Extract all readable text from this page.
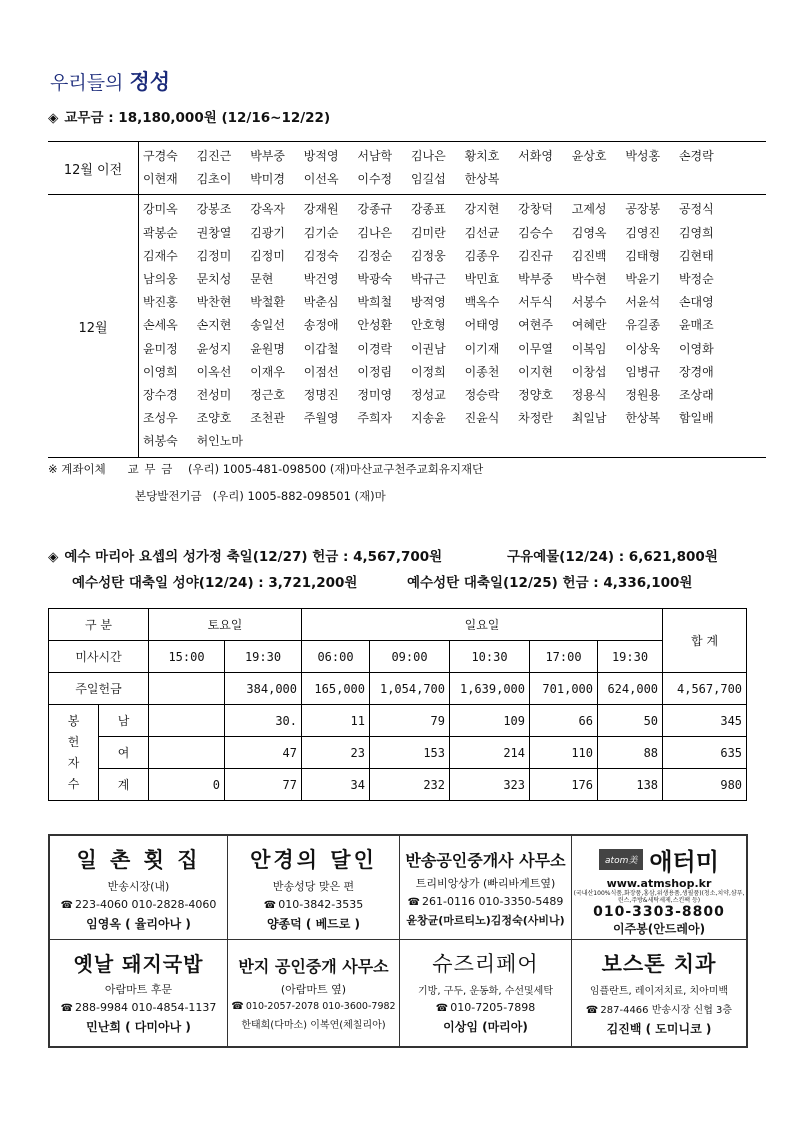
우리들의 정성
◈ 교무금 : 18,180,000원 (12/16~12/22)
12월 이전
구경숙	김진근	박부중	방적영	서남학	김나은	황치호	서화영	윤상호	박성홍	손경락
이현재	김초이	박미경	이선옥	이수정	임길섭	한상복
12월
강미옥	강봉조	강옥자	강재원	강종규	강종표	강지현	강창덕	고제성	공장봉	공정식
곽봉순	권창열	김광기	김기순	김나은	김미란	김선균	김승수	김영옥	김영진	김영희
김재수	김정미	김정미	김정숙	김정순	김정웅	김종우	김진규	김진백	김태형	김현태
남의웅	문치성	문현	박건영	박광숙	박규근	박민효	박부중	박수현	박윤기	박정순
박진홍	박찬현	박철환	박춘심	박희철	방적영	백옥수	서두식	서봉수	서윤석	손대영
손세옥	손지현	송일선	송정애	안성환	안호형	어태영	여현주	여혜란	유길종	윤매조
윤미정	윤성지	윤원명	이갑철	이경락	이권남	이기재	이무열	이복임	이상욱	이영화
이영희	이옥선	이재우	이점선	이정림	이정희	이종천	이지현	이창섭	임병규	장경애
장수경	전성미	정근호	정명진	정미영	정성교	정승락	정양호	정용식	정원용	조상래
조성우	조양호	조천관	주월영	주희자	지송윤	진윤식	차정란	최일남	한상복	함일배
허봉숙	허인노마
※ 계좌이체 교 무 금 (우리) 1005-481-098500 (재)마산교구천주교회유지재단
본당발전기금 (우리) 1005-882-098501 (재)마
◈ 예수 마리아 요셉의 성가정 축일(12/27) 헌금 : 4,567,700원	구유예물(12/24) : 6,621,800원
예수성탄 대축일 성야(12/24) : 3,721,200원	예수성탄 대축일(12/25) 헌금 : 4,336,100원
구 분		토요일		일요일					합 계
미사시간		15:00	19:30	06:00	09:00	10:30	17:00	19:30	
주일헌금			384,000	165,000	1,054,700	1,639,000	701,000	624,000	4,567,700

봉
헌
자
수	남		30.	11	79	109	66	50	345
	여		47	23	153	214	110	88	635
	계	0	77	34	232	323	176	138	980
일 촌 횟 집
반송시장(내)
☎ 223-4060 010-2828-4060
임영옥 ( 율리아나 )
안경의 달인
반송성당 맞은 편
☎ 010-3842-3535
양종덕 ( 베드로 )
반송공인중개사 사무소
트리비앙상가 (빠리바게트옆)
☎ 261-0116 010-3350-5489
윤창균(마르티노)김정숙(사비나)
atom美 애터미
www.atmshop.kr
(국내산100%식품,화장품,홍삼,위생용품,생필품)(청소,치약,샴푸,린스,주방&세탁세제,스킨팩 등)
010-3303-8800
이주봉(안드레아)
옛날 돼지국밥
아람마트 후문
☎ 288-9984 010-4854-1137
민난희 ( 다미아나 )
반지 공인중개 사무소
(아람마트 옆)
☎ 010-2057-2078 010-3600-7982
한태희(다마소) 이복연(체칠리아)
슈즈리페어
기방, 구두, 운동화, 수선및세탁
☎ 010-7205-7898
이상임 (마리아)
보스톤 치과
임플란트, 레이저치료, 치아미백
☎ 287-4466 반송시장 신협 3층
김진백 ( 도미니코 )
